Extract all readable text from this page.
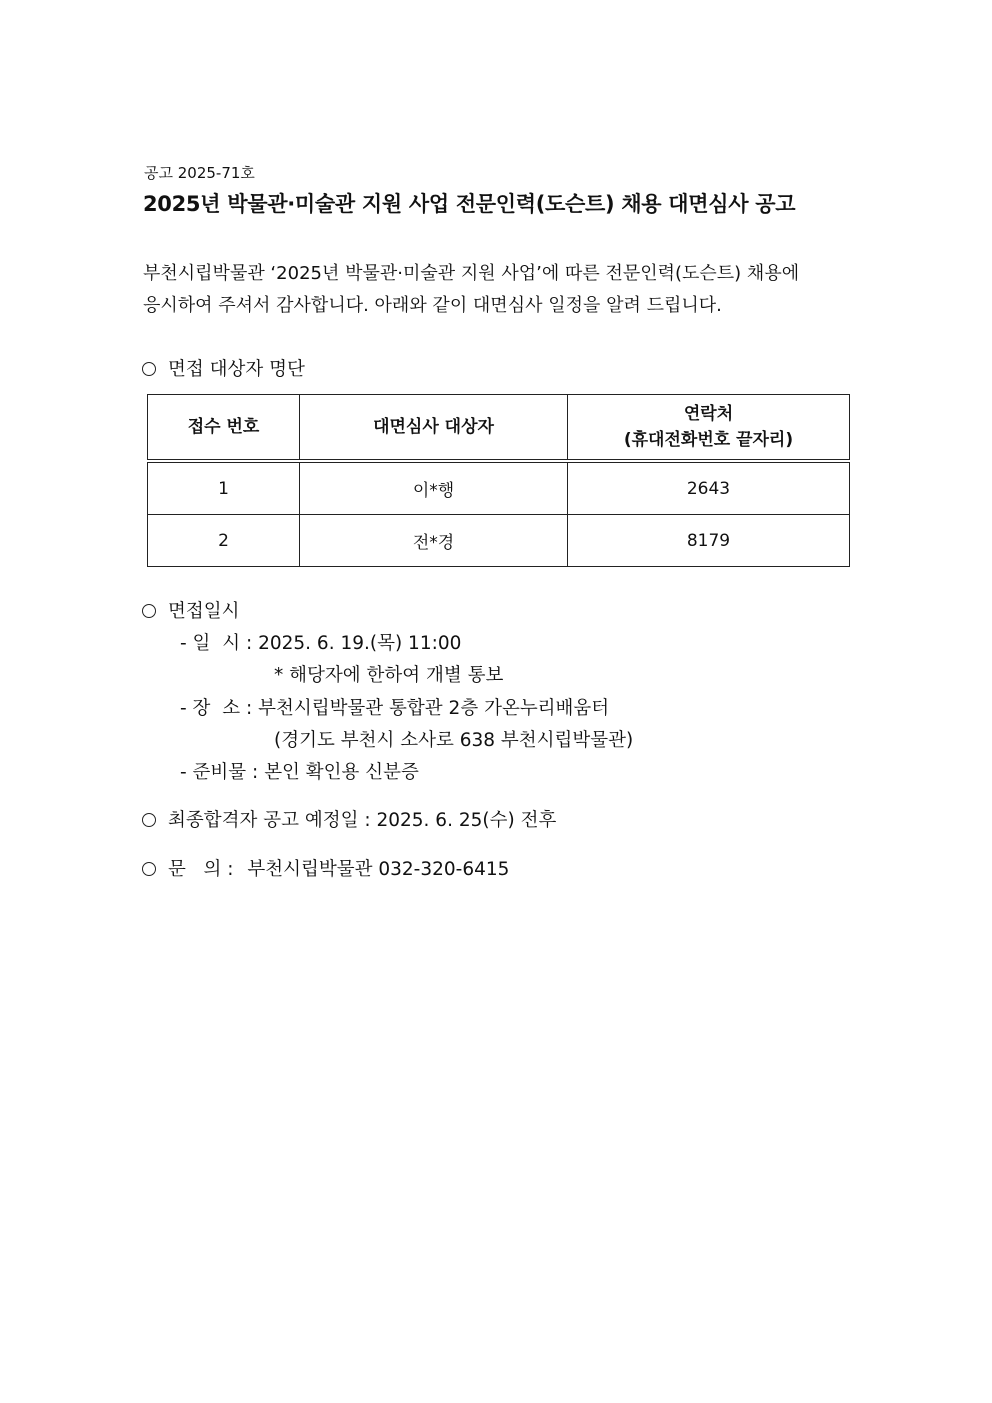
공고 2025-71호
2025년 박물관·미술관 지원 사업 전문인력(도슨트) 채용 대면심사 공고

부천시립박물관 ‘2025년 박물관·미술관 지원 사업’에 따른 전문인력(도슨트) 채용에

응시하여 주셔서 감사합니다. 아래와 같이 대면심사 일정을 알려 드립니다.

면접 대상자 명단
접수 번호	대면심사 대상자	연락처
(휴대전화번호 끝자리)

1	이*행	2643
2	전*경	8179
면접일시
- 일  시 : 2025. 6. 19.(목) 11:00
* 해당자에 한하여 개별 통보
- 장  소 : 부천시립박물관 통합관 2층 가온누리배움터
(경기도 부천시 소사로 638 부천시립박물관)
- 준비물 : 본인 확인용 신분증
최종합격자 공고 예정일 : 2025. 6. 25(수) 전후
문   의 : 부천시립박물관 032-320-6415
